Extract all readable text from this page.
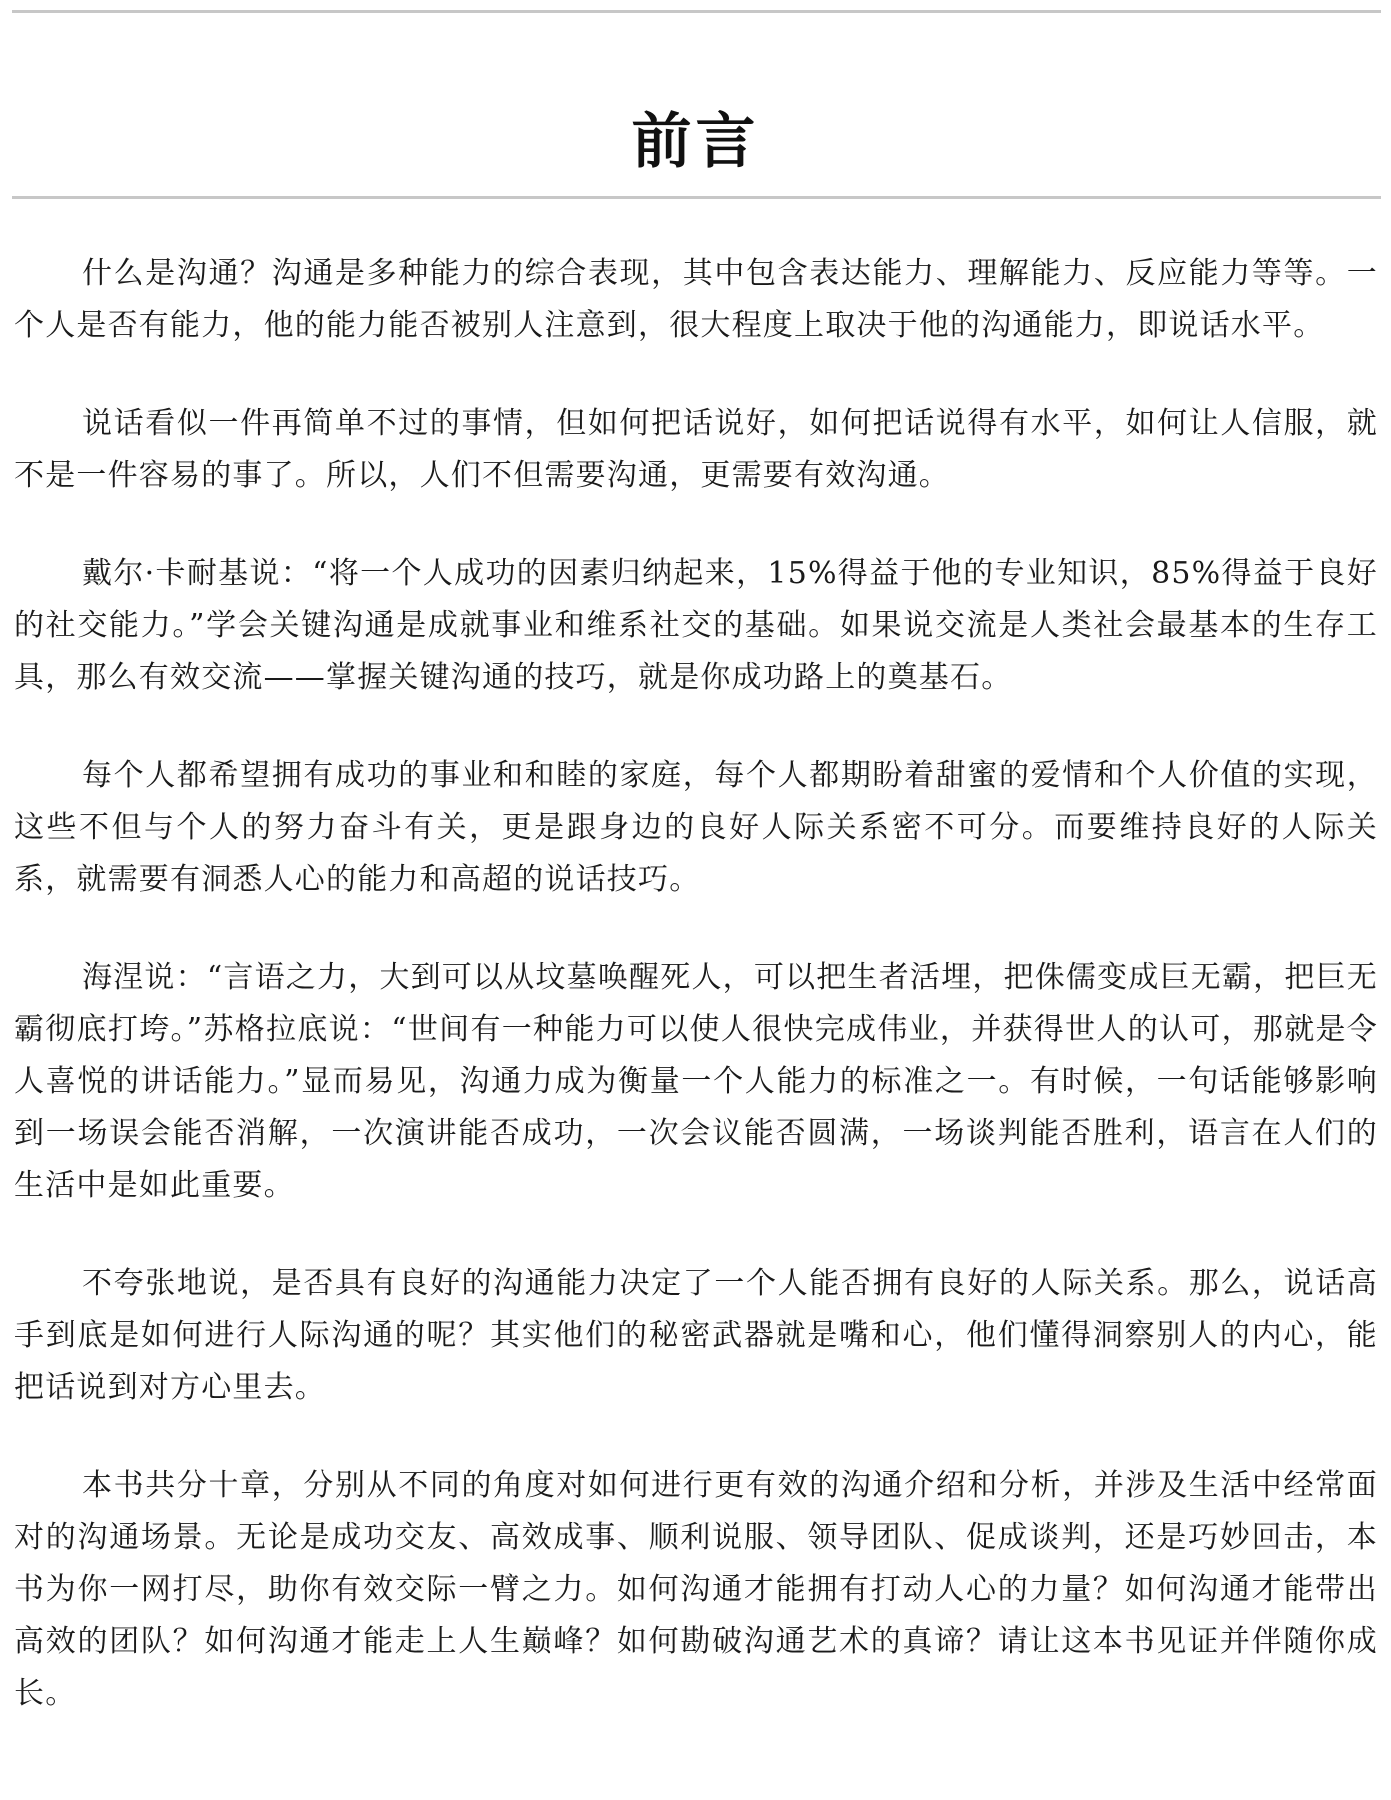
前言

什么是沟通？沟通是多种能力的综合表现，其中包含表达能力、理解能力、反应能力等等。一个人是否有能力，他的能力能否被别人注意到，很大程度上取决于他的沟通能力，即说话水平。

说话看似一件再简单不过的事情，但如何把话说好，如何把话说得有水平，如何让人信服，就不是一件容易的事了。所以，人们不但需要沟通，更需要有效沟通。

戴尔·卡耐基说：“将一个人成功的因素归纳起来，15%得益于他的专业知识，85%得益于良好的社交能力。”学会关键沟通是成就事业和维系社交的基础。如果说交流是人类社会最基本的生存工具，那么有效交流——掌握关键沟通的技巧，就是你成功路上的奠基石。

每个人都希望拥有成功的事业和和睦的家庭，每个人都期盼着甜蜜的爱情和个人价值的实现，这些不但与个人的努力奋斗有关，更是跟身边的良好人际关系密不可分。而要维持良好的人际关系，就需要有洞悉人心的能力和高超的说话技巧。

海涅说：“言语之力，大到可以从坟墓唤醒死人，可以把生者活埋，把侏儒变成巨无霸，把巨无霸彻底打垮。”苏格拉底说：“世间有一种能力可以使人很快完成伟业，并获得世人的认可，那就是令人喜悦的讲话能力。”显而易见，沟通力成为衡量一个人能力的标准之一。有时候，一句话能够影响到一场误会能否消解，一次演讲能否成功，一次会议能否圆满，一场谈判能否胜利，语言在人们的生活中是如此重要。

不夸张地说，是否具有良好的沟通能力决定了一个人能否拥有良好的人际关系。那么，说话高手到底是如何进行人际沟通的呢？其实他们的秘密武器就是嘴和心，他们懂得洞察别人的内心，能把话说到对方心里去。

本书共分十章，分别从不同的角度对如何进行更有效的沟通介绍和分析，并涉及生活中经常面对的沟通场景。无论是成功交友、高效成事、顺利说服、领导团队、促成谈判，还是巧妙回击，本书为你一网打尽，助你有效交际一臂之力。如何沟通才能拥有打动人心的力量？如何沟通才能带出高效的团队？如何沟通才能走上人生巅峰？如何勘破沟通艺术的真谛？请让这本书见证并伴随你成长。
